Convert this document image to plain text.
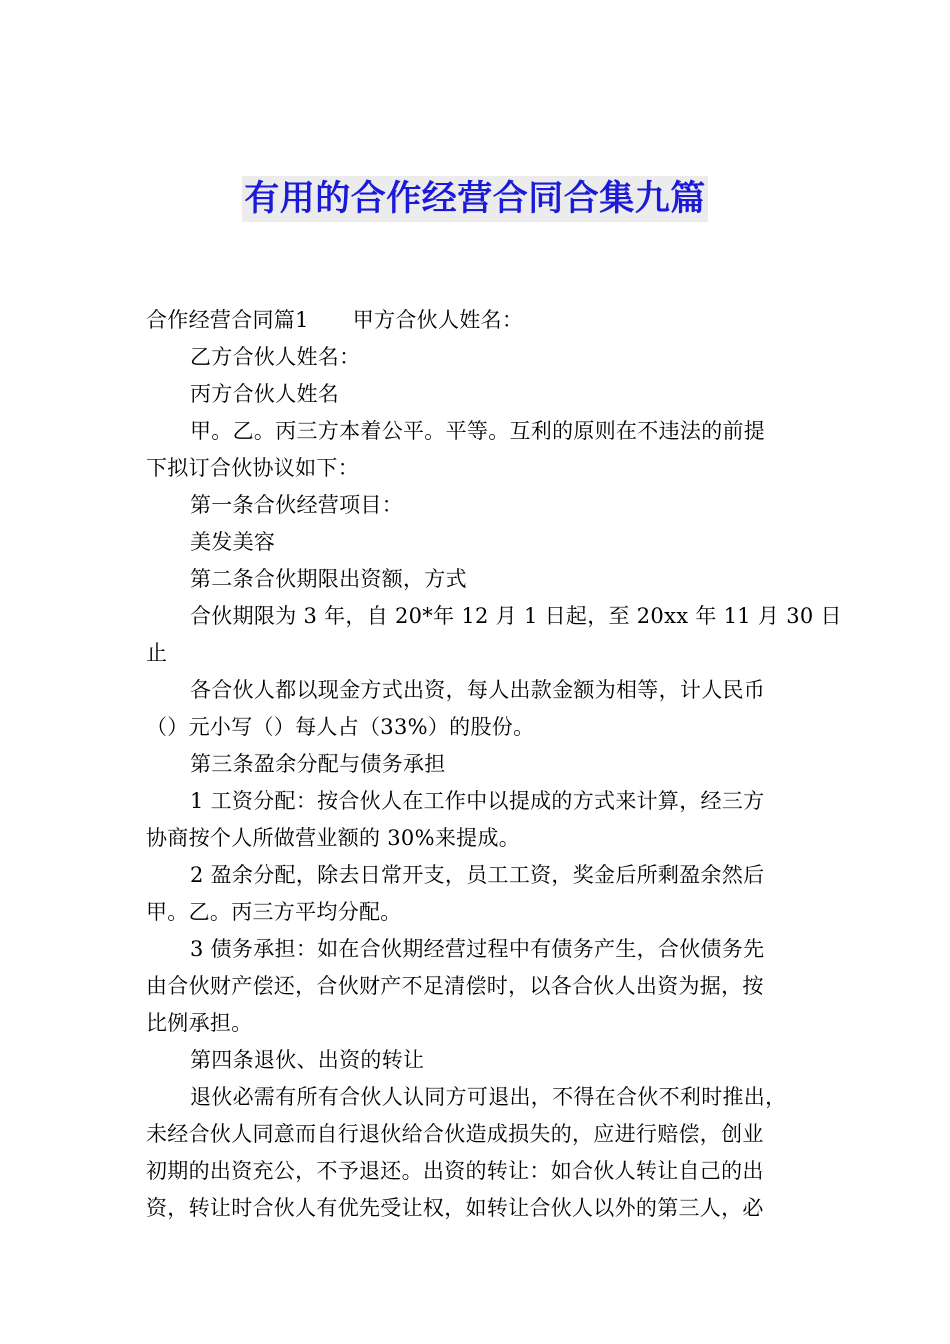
有用的合作经营合同合集九篇
合作经营合同篇1 甲方合伙人姓名：
乙方合伙人姓名：
丙方合伙人姓名
甲。乙。丙三方本着公平。平等。互利的原则在不违法的前提
下拟订合伙协议如下：
第一条合伙经营项目：
美发美容
第二条合伙期限出资额，方式
合伙期限为 3 年，自 20*年 12 月 1 日起，至 20xx 年 11 月 30 日
止
各合伙人都以现金方式出资，每人出款金额为相等，计人民币
（）元小写（）每人占（33%）的股份。
第三条盈余分配与债务承担
1 工资分配：按合伙人在工作中以提成的方式来计算，经三方
协商按个人所做营业额的 30%来提成。
2 盈余分配，除去日常开支，员工工资，奖金后所剩盈余然后
甲。乙。丙三方平均分配。
3 债务承担：如在合伙期经营过程中有债务产生，合伙债务先
由合伙财产偿还，合伙财产不足清偿时，以各合伙人出资为据，按
比例承担。
第四条退伙、出资的转让
退伙必需有所有合伙人认同方可退出，不得在合伙不利时推出，
未经合伙人同意而自行退伙给合伙造成损失的，应进行赔偿，创业
初期的出资充公，不予退还。出资的转让：如合伙人转让自己的出
资，转让时合伙人有优先受让权，如转让合伙人以外的第三人，必
